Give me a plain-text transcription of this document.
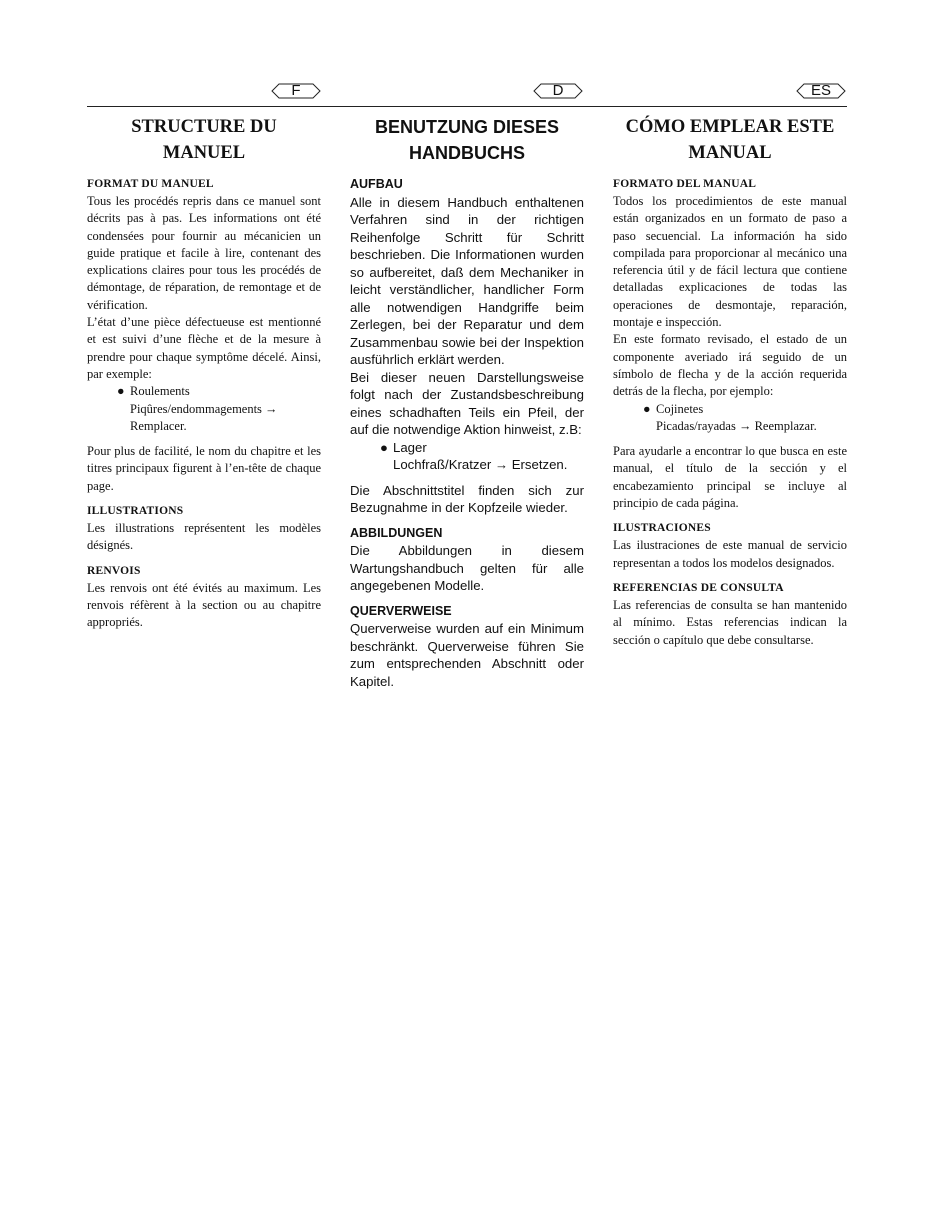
F	D	ES
STRUCTURE DU
MANUEL

FORMAT DU MANUEL

Tous les procédés repris dans ce manuel sont décrits pas à pas. Les informations ont été condensées pour fournir au mécanicien un guide pratique et facile à lire, contenant des explications claires pour tous les procédés de démontage, de réparation, de remontage et de vérification.

L’état d’une pièce défectueuse est mentionné et est suivi d’une flèche et de la mesure à prendre pour chaque symptôme décelé. Ainsi, par exemple:

● Roulements
Piqûres/endommagements →
Remplacer.

Pour plus de facilité, le nom du chapitre et les titres principaux figurent à l’en-tête de chaque page.

ILLUSTRATIONS

Les illustrations représentent les modèles désignés.

RENVOIS

Les renvois ont été évités au maximum. Les renvois réfèrent à la section ou au chapitre appropriés.

BENUTZUNG DIESES
HANDBUCHS

AUFBAU

Alle in diesem Handbuch enthaltenen Verfahren sind in der richtigen Reihenfolge Schritt für Schritt beschrieben. Die Informationen wurden so aufbereitet, daß dem Mechaniker in leicht verständlicher, handlicher Form alle notwendigen Handgriffe beim Zerlegen, bei der Reparatur und dem Zusammenbau sowie bei der Inspektion ausführlich erklärt werden.

Bei dieser neuen Darstellungsweise folgt nach der Zustandsbeschreibung eines schadhaften Teils ein Pfeil, der auf die notwendige Aktion hinweist, z.B:

● Lager
Lochfraß/Kratzer → Ersetzen.

Die Abschnittstitel finden sich zur Bezugnahme in der Kopfzeile wieder.

ABBILDUNGEN

Die Abbildungen in diesem Wartungshandbuch gelten für alle angegebenen Modelle.

QUERVERWEISE

Querverweise wurden auf ein Minimum beschränkt. Querverweise führen Sie zum entsprechenden Abschnitt oder Kapitel.

CÓMO EMPLEAR ESTE
MANUAL

FORMATO DEL MANUAL

Todos los procedimientos de este manual están organizados en un formato de paso a paso secuencial. La información ha sido compilada para proporcionar al mecánico una referencia útil y de fácil lectura que contiene detalladas explicaciones de todas las operaciones de desmontaje, reparación, montaje e inspección.

En este formato revisado, el estado de un componente averiado irá seguido de un símbolo de flecha y de la acción requerida detrás de la flecha, por ejemplo:

● Cojinetes
Picadas/rayadas → Reemplazar.

Para ayudarle a encontrar lo que busca en este manual, el título de la sección y el encabezamiento principal se incluye al principio de cada página.

ILUSTRACIONES

Las ilustraciones de este manual de servicio representan a todos los modelos designados.

REFERENCIAS DE CONSULTA

Las referencias de consulta se han mantenido al mínimo. Estas referencias indican la sección o capítulo que debe consultarse.
